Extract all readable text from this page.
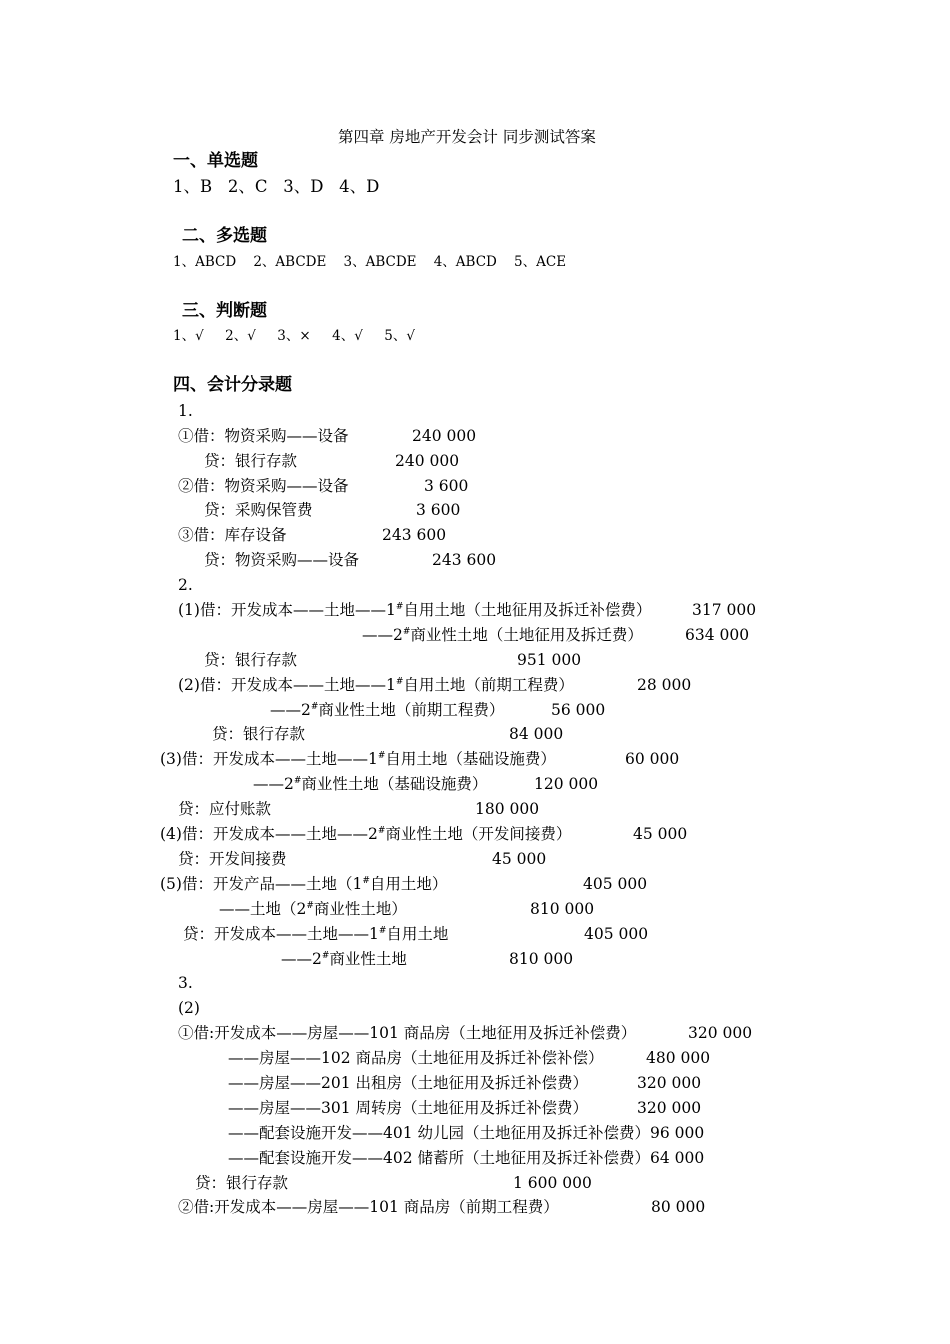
第四章 房地产开发会计 同步测试答案
一、单选题
1、B   2、C   3、D   4、D
二、多选题
1、ABCD    2、ABCDE    3、ABCDE    4、ABCD    5、ACE
三、判断题
1、√     2、√     3、×     4、√     5、√
四、会计分录题
1.
①借：物资采购——设备	240 000
贷：银行存款	240 000
②借：物资采购——设备	3 600
贷：采购保管费	3 600
③借：库存设备	243 600
贷：物资采购——设备	243 600
2.
(1)借：开发成本——土地——1#自用土地（土地征用及拆迁补偿费）	317 000
——2#商业性土地（土地征用及拆迁费）	634 000
贷：银行存款	951 000
(2)借：开发成本——土地——1#自用土地（前期工程费）	28 000
——2#商业性土地（前期工程费）	56 000
贷：银行存款	84 000
(3)借：开发成本——土地——1#自用土地（基础设施费）	60 000
——2#商业性土地（基础设施费）	120 000
贷：应付账款	180 000
(4)借：开发成本——土地——2#商业性土地（开发间接费）	45 000
贷：开发间接费	45 000
(5)借：开发产品——土地（1#自用土地）	405 000
——土地（2#商业性土地）	810 000
贷：开发成本——土地——1#自用土地	405 000
——2#商业性土地	810 000
3.
(2)
①借:开发成本——房屋——101 商品房（土地征用及拆迁补偿费）	320 000
——房屋——102 商品房（土地征用及拆迁补偿补偿）	480 000
——房屋——201 出租房（土地征用及拆迁补偿费）	320 000
——房屋——301 周转房（土地征用及拆迁补偿费）	320 000
——配套设施开发——401 幼儿园（土地征用及拆迁补偿费）96 000
——配套设施开发——402 储蓄所（土地征用及拆迁补偿费）64 000
贷：银行存款	1 600 000
②借:开发成本——房屋——101 商品房（前期工程费）	80 000
